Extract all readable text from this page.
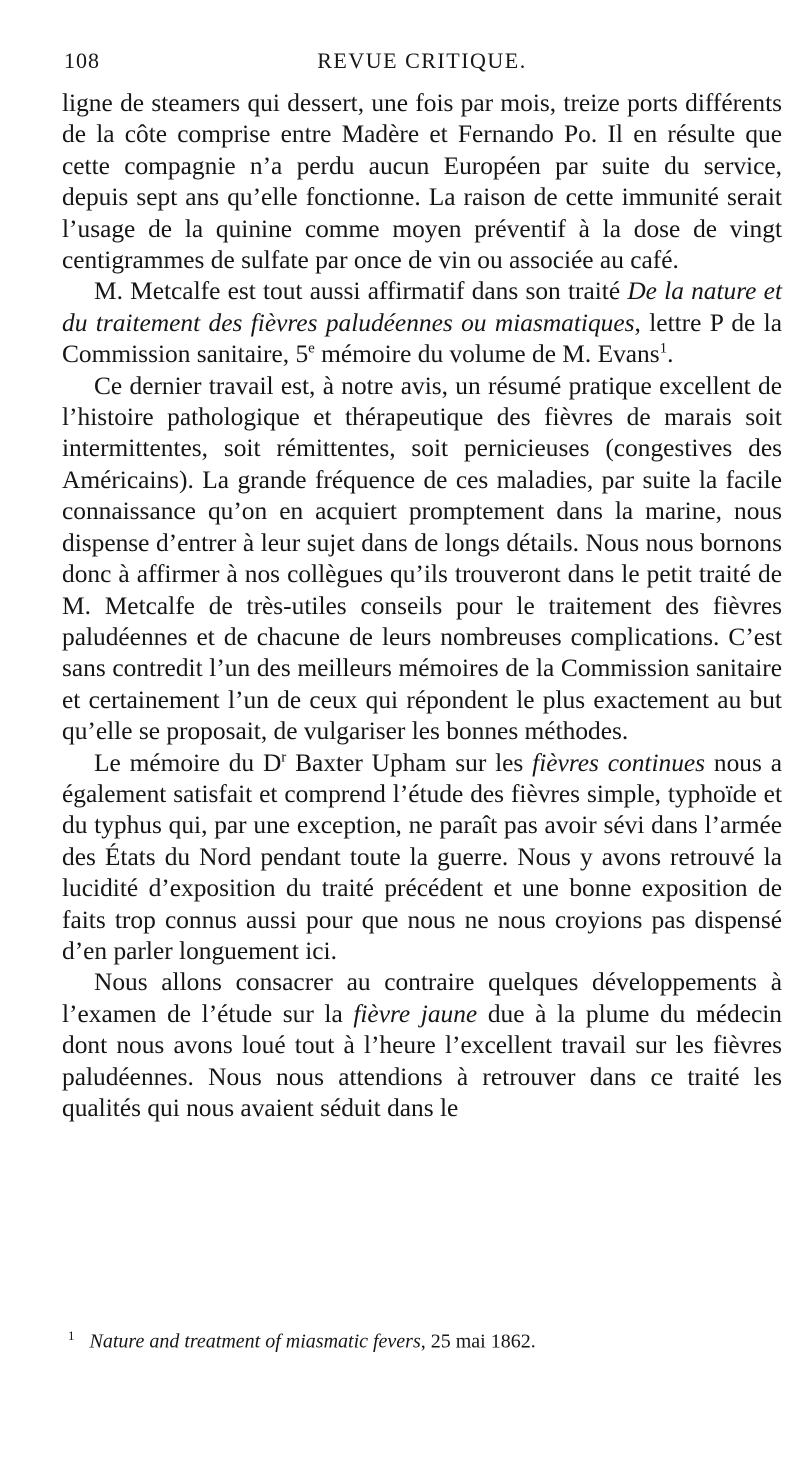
108	REVUE CRITIQUE.

ligne de steamers qui dessert, une fois par mois, treize ports différents de la côte comprise entre Madère et Fernando Po. Il en résulte que cette compagnie n’a perdu aucun Européen par suite du service, depuis sept ans qu’elle fonctionne. La raison de cette immunité serait l’usage de la quinine comme moyen préventif à la dose de vingt centigrammes de sulfate par once de vin ou associée au café.

M. Metcalfe est tout aussi affirmatif dans son traité De la nature et du traitement des fièvres paludéennes ou miasmatiques, lettre P de la Commission sanitaire, 5e mémoire du volume de M. Evans$^1$.

Ce dernier travail est, à notre avis, un résumé pratique excellent de l’histoire pathologique et thérapeutique des fièvres de marais soit intermittentes, soit rémittentes, soit pernicieuses (congestives des Américains). La grande fréquence de ces maladies, par suite la facile connaissance qu’on en acquiert promptement dans la marine, nous dispense d’entrer à leur sujet dans de longs détails. Nous nous bornons donc à affirmer à nos collègues qu’ils trouveront dans le petit traité de M. Metcalfe de très-utiles conseils pour le traitement des fièvres paludéennes et de chacune de leurs nombreuses complications. C’est sans contredit l’un des meilleurs mémoires de la Commission sanitaire et certainement l’un de ceux qui répondent le plus exactement au but qu’elle se proposait, de vulgariser les bonnes méthodes.

Le mémoire du $D^r$ Baxter Upham sur les fièvres continues nous a également satisfait et comprend l’étude des fièvres simple, typhoïde et du typhus qui, par une exception, ne paraît pas avoir sévi dans l’armée des États du Nord pendant toute la guerre. Nous y avons retrouvé la lucidité d’exposition du traité précédent et une bonne exposition de faits trop connus aussi pour que nous ne nous croyions pas dispensé d’en parler longuement ici.

Nous allons consacrer au contraire quelques développements à l’examen de l’étude sur la fièvre jaune due à la plume du médecin dont nous avons loué tout à l’heure l’excellent travail sur les fièvres paludéennes. Nous nous attendions à retrouver dans ce traité les qualités qui nous avaient séduit dans le

$^1$ Nature and treatment of miasmatic fevers, 25 mai 1862.
